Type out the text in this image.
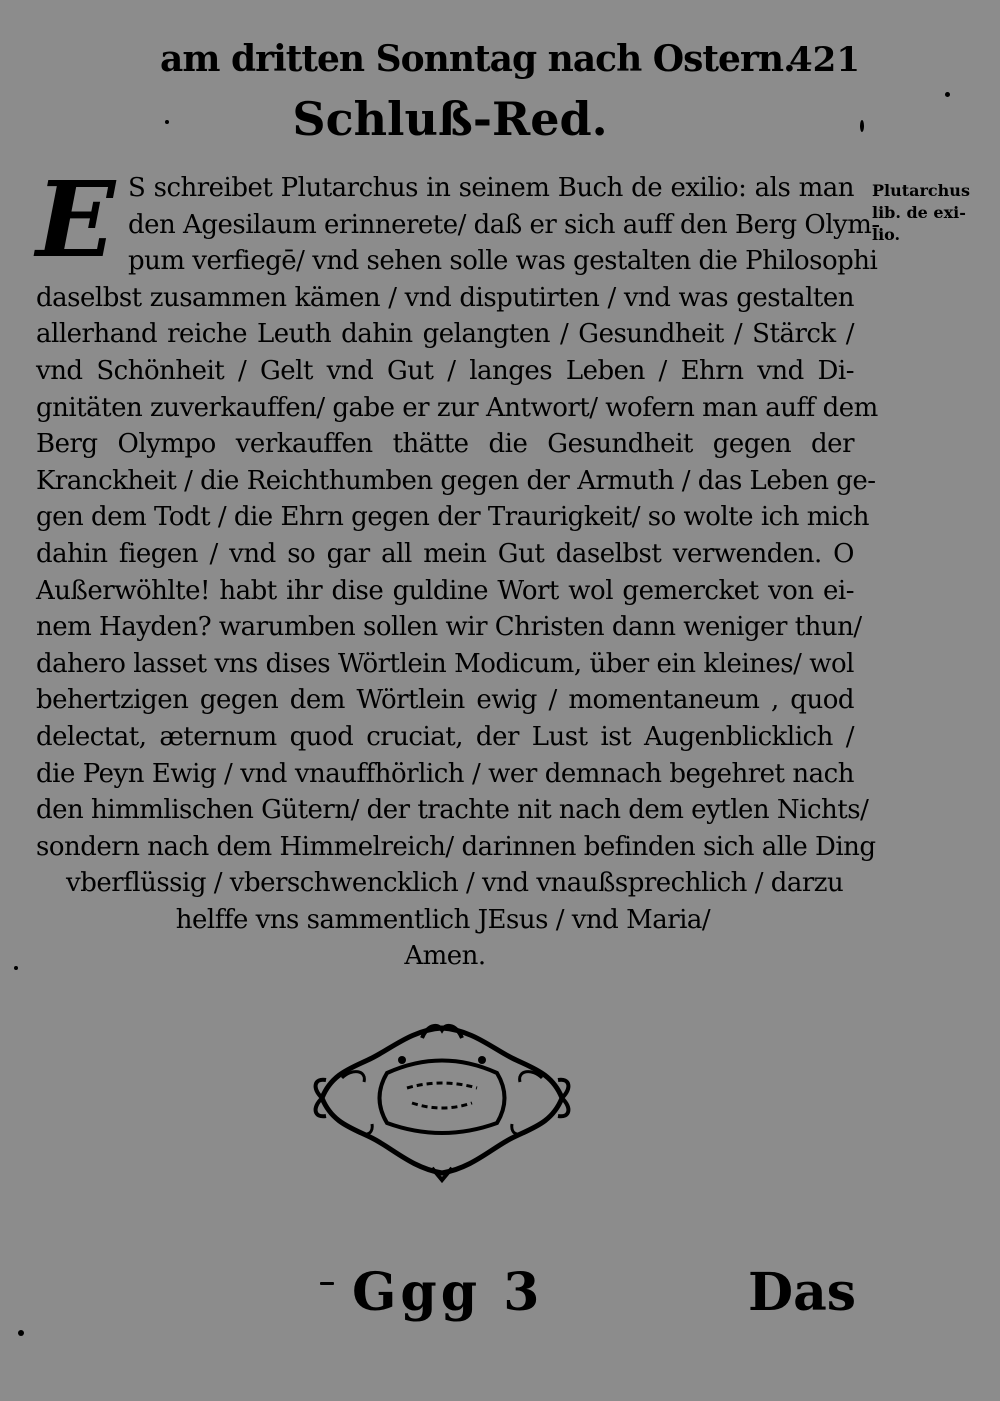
am dritten Sonntag nach Ostern.
421
Schluß-Red.
Plutarchus
lib. de exi-
lio.
E S schreibet Plutarchus in seinem Buch de exilio: als man
den Agesilaum erinnerete/ daß er sich auff den Berg Olym-
pum verfiegē/ vnd sehen solle was gestalten die Philosophi
daselbst zusammen kämen / vnd disputirten / vnd was gestalten
allerhand reiche Leuth dahin gelangten / Gesundheit / Stärck /
vnd Schönheit / Gelt vnd Gut / langes Leben / Ehrn vnd Di-
gnitäten zuverkauffen/ gabe er zur Antwort/ wofern man auff dem
Berg Olympo verkauffen thätte die Gesundheit gegen der
Kranckheit / die Reichthumben gegen der Armuth / das Leben ge-
gen dem Todt / die Ehrn gegen der Traurigkeit/ so wolte ich mich
dahin fiegen / vnd so gar all mein Gut daselbst verwenden. O
Außerwöhlte! habt ihr dise guldine Wort wol gemercket von ei-
nem Hayden? warumben sollen wir Christen dann weniger thun/
dahero lasset vns dises Wörtlein Modicum, über ein kleines/ wol
behertzigen gegen dem Wörtlein ewig / momentaneum , quod
delectat, æternum quod cruciat, der Lust ist Augenblicklich /
die Peyn Ewig / vnd vnauffhörlich / wer demnach begehret nach
den himmlischen Gütern/ der trachte nit nach dem eytlen Nichts/
sondern nach dem Himmelreich/ darinnen befinden sich alle Ding
vberflüssig / vberschwencklich / vnd vnaußsprechlich / darzu
helffe vns sammentlich JEsus / vnd Maria/
Amen.
Ggg 3	Das
